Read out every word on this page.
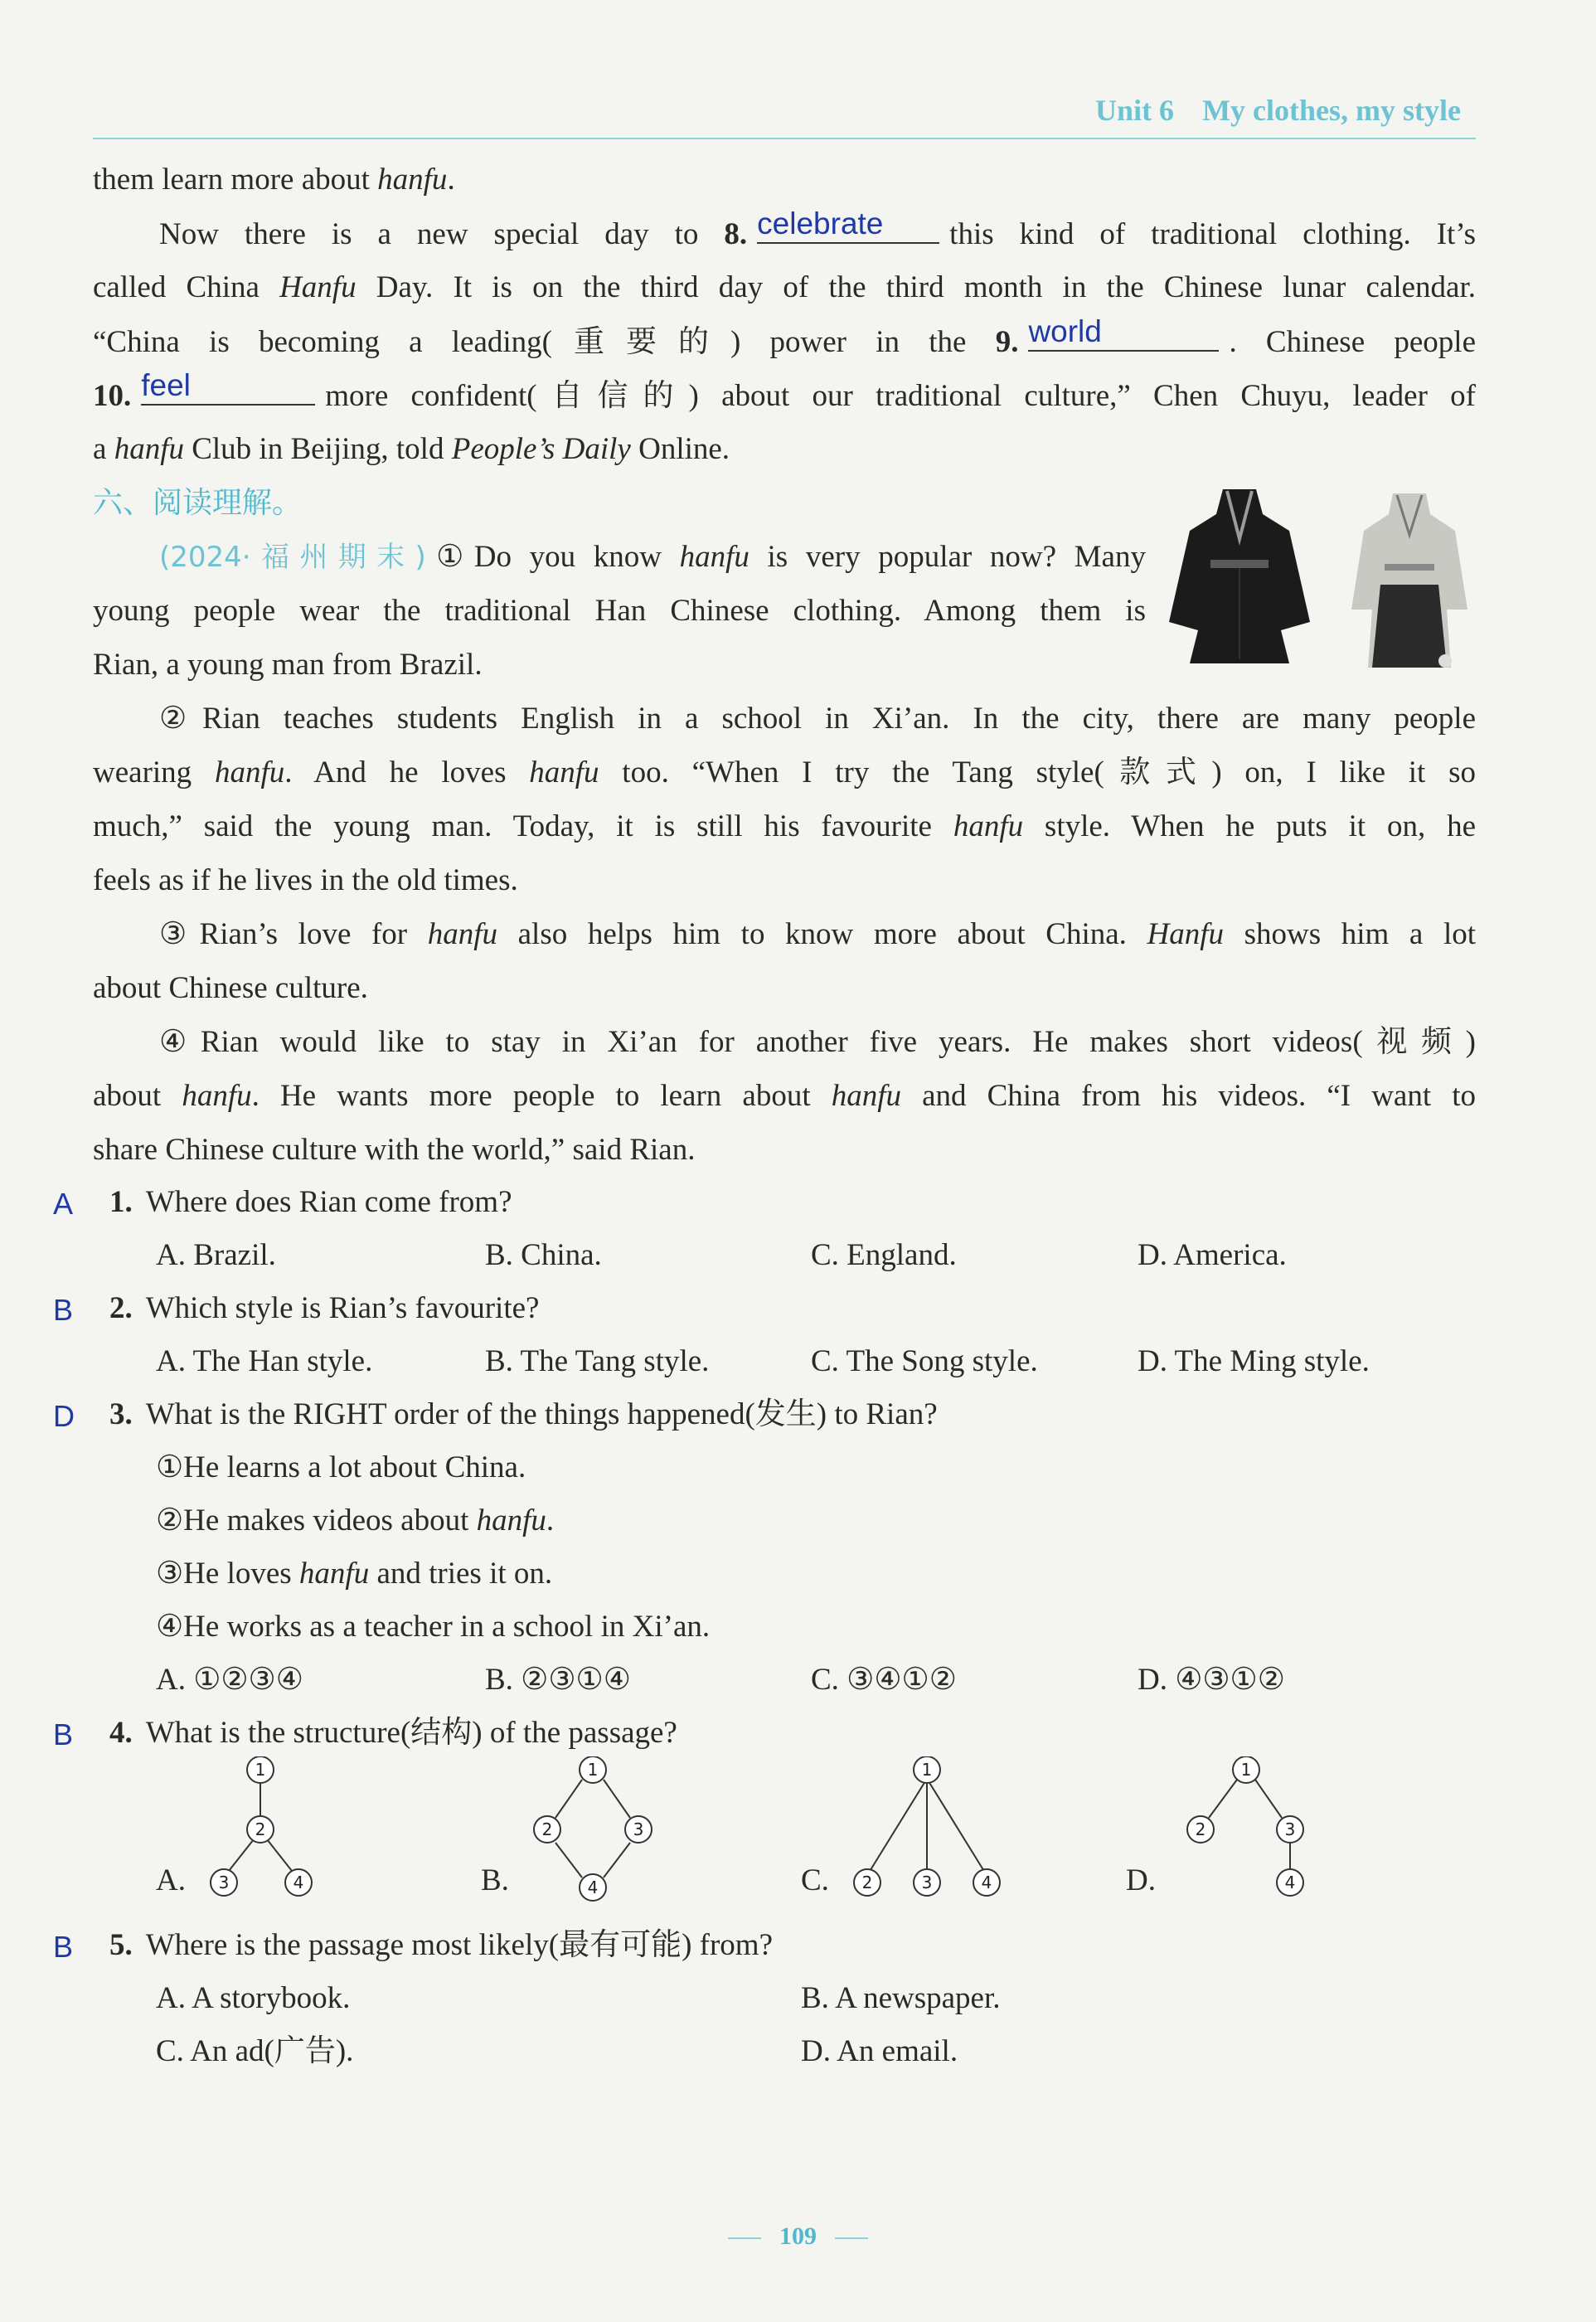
Unit 6 My clothes, my style
them learn more about hanfu.
Now there is a new special day to 8. celebrate this kind of traditional clothing. It’s
called China Hanfu Day. It is on the third day of the third month in the Chinese lunar calendar.
“China is becoming a leading(重要的) power in the 9. world	. Chinese people
10. feel	more confident(自信的) about our traditional culture,” Chen Chuyu, leader of
a hanfu Club in Beijing, told People’s Daily Online.
六、阅读理解。
(2024·福州期末)①Do you know hanfu is very popular now? Many
young people wear the traditional Han Chinese clothing. Among them is
Rian, a young man from Brazil.
②Rian teaches students English in a school in Xi’an. In the city, there are many people
wearing hanfu. And he loves hanfu too. “When I try the Tang style(款式) on, I like it so
much,” said the young man. Today, it is still his favourite hanfu style. When he puts it on, he
feels as if he lives in the old times.
③Rian’s love for hanfu also helps him to know more about China. Hanfu shows him a lot
about Chinese culture.
④Rian would like to stay in Xi’an for another five years. He makes short videos(视频)
about hanfu. He wants more people to learn about hanfu and China from his videos. “I want to
share Chinese culture with the world,” said Rian.
A	1. Where does Rian come from?
A. Brazil.	B. China.	C. England.	D. America.
B	2. Which style is Rian’s favourite?
A. The Han style.	B. The Tang style.	C. The Song style.	D. The Ming style.
D	3. What is the RIGHT order of the things happened(发生) to Rian?
①He learns a lot about China.
②He makes videos about hanfu.
③He loves hanfu and tries it on.
④He works as a teacher in a school in Xi’an.
A. ①②③④	B. ②③①④	C. ③④①②	D. ④③①②
B	4. What is the structure(结构) of the passage?
A.
1
2
3	4	B.
1
2	3
4	C.
1
2	3	4	D.
1
2	3
4
B	5. Where is the passage most likely(最有可能) from?
A. A storybook.	B. A newspaper.
C. An ad(广告).	D. An email.
109
